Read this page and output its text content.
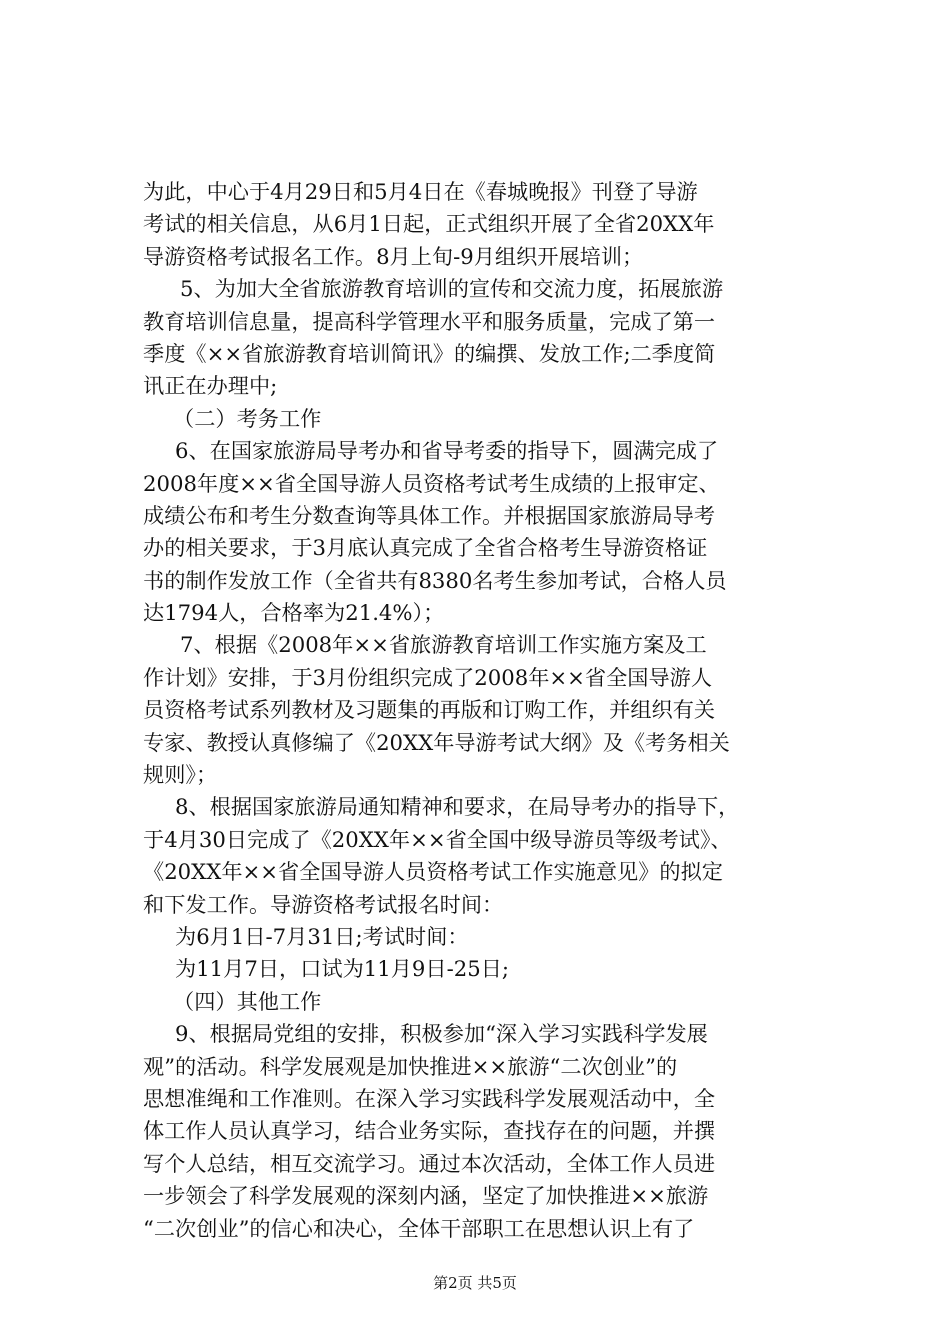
为此，中心于4月29日和5月4日在《春城晚报》刊登了导游
考试的相关信息，从6月1日起，正式组织开展了全省20XX年
导游资格考试报名工作。8月上旬-9月组织开展培训；
5、为加大全省旅游教育培训的宣传和交流力度，拓展旅游
教育培训信息量，提高科学管理水平和服务质量，完成了第一
季度《××省旅游教育培训简讯》的编撰、发放工作;二季度简
讯正在办理中;
（二）考务工作
6、在国家旅游局导考办和省导考委的指导下，圆满完成了
2008年度××省全国导游人员资格考试考生成绩的上报审定、
成绩公布和考生分数查询等具体工作。并根据国家旅游局导考
办的相关要求，于3月底认真完成了全省合格考生导游资格证
书的制作发放工作（全省共有8380名考生参加考试，合格人员
达1794人，合格率为21.4%）；
7、根据《2008年××省旅游教育培训工作实施方案及工
作计划》安排，于3月份组织完成了2008年××省全国导游人
员资格考试系列教材及习题集的再版和订购工作，并组织有关
专家、教授认真修编了《20XX年导游考试大纲》及《考务相关
规则》；
8、根据国家旅游局通知精神和要求，在局导考办的指导下，
于4月30日完成了《20XX年××省全国中级导游员等级考试》、
《20XX年××省全国导游人员资格考试工作实施意见》的拟定
和下发工作。导游资格考试报名时间：
为6月1日-7月31日;考试时间：
为11月7日，口试为11月9日-25日;
（四）其他工作
9、根据局党组的安排，积极参加“深入学习实践科学发展
观”的活动。科学发展观是加快推进××旅游“二次创业”的
思想准绳和工作准则。在深入学习实践科学发展观活动中，全
体工作人员认真学习，结合业务实际，查找存在的问题，并撰
写个人总结，相互交流学习。通过本次活动，全体工作人员进
一步领会了科学发展观的深刻内涵，坚定了加快推进××旅游
“二次创业”的信心和决心，全体干部职工在思想认识上有了
第2页 共5页
